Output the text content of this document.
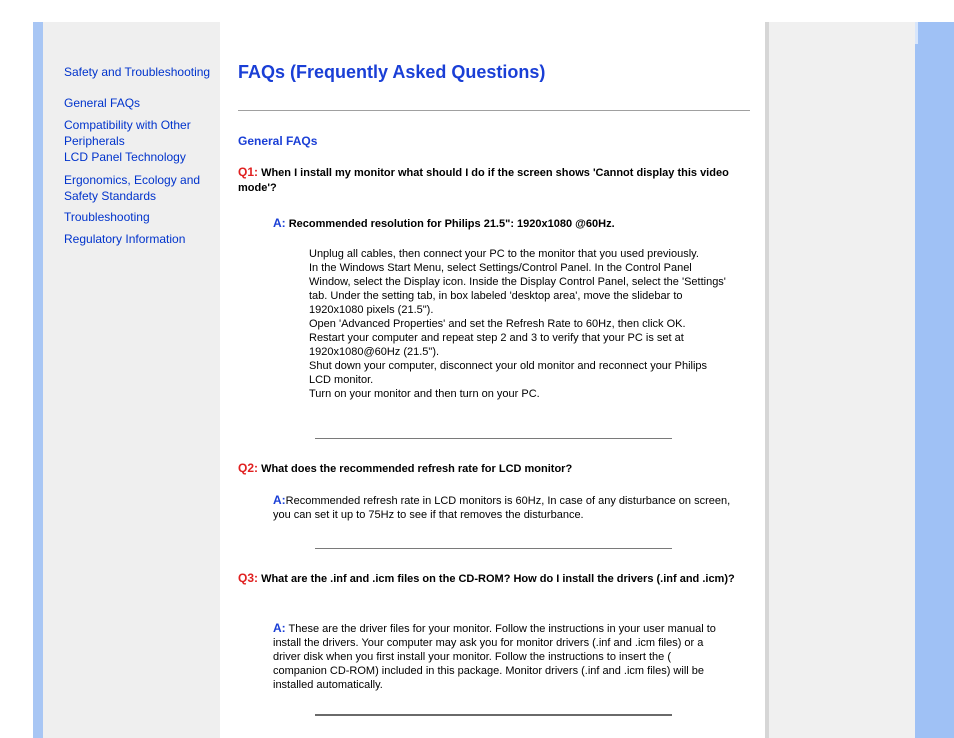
Safety and Troubleshooting
General FAQs
Compatibility with Other Peripherals
LCD Panel Technology
Ergonomics, Ecology and Safety Standards
Troubleshooting
Regulatory Information
FAQs (Frequently Asked Questions)
General FAQs
Q1: When I install my monitor what should I do if the screen shows 'Cannot display this video mode'?
A: Recommended resolution for Philips 21.5": 1920x1080 @60Hz.
Unplug all cables, then connect your PC to the monitor that you used previously.
In the Windows Start Menu, select Settings/Control Panel. In the Control Panel Window, select the Display icon. Inside the Display Control Panel, select the 'Settings' tab. Under the setting tab, in box labeled 'desktop area', move the slidebar to 1920x1080 pixels (21.5").
Open 'Advanced Properties' and set the Refresh Rate to 60Hz, then click OK.
Restart your computer and repeat step 2 and 3 to verify that your PC is set at 1920x1080@60Hz (21.5").
Shut down your computer, disconnect your old monitor and reconnect your Philips LCD monitor.
Turn on your monitor and then turn on your PC.
Q2: What does the recommended refresh rate for LCD monitor?
A:Recommended refresh rate in LCD monitors is 60Hz, In case of any disturbance on screen, you can set it up to 75Hz to see if that removes the disturbance.
Q3: What are the .inf and .icm files on the CD-ROM? How do I install the drivers (.inf and .icm)?
A: These are the driver files for your monitor. Follow the instructions in your user manual to install the drivers. Your computer may ask you for monitor drivers (.inf and .icm files) or a driver disk when you first install your monitor. Follow the instructions to insert the ( companion CD-ROM) included in this package. Monitor drivers (.inf and .icm files) will be installed automatically.
